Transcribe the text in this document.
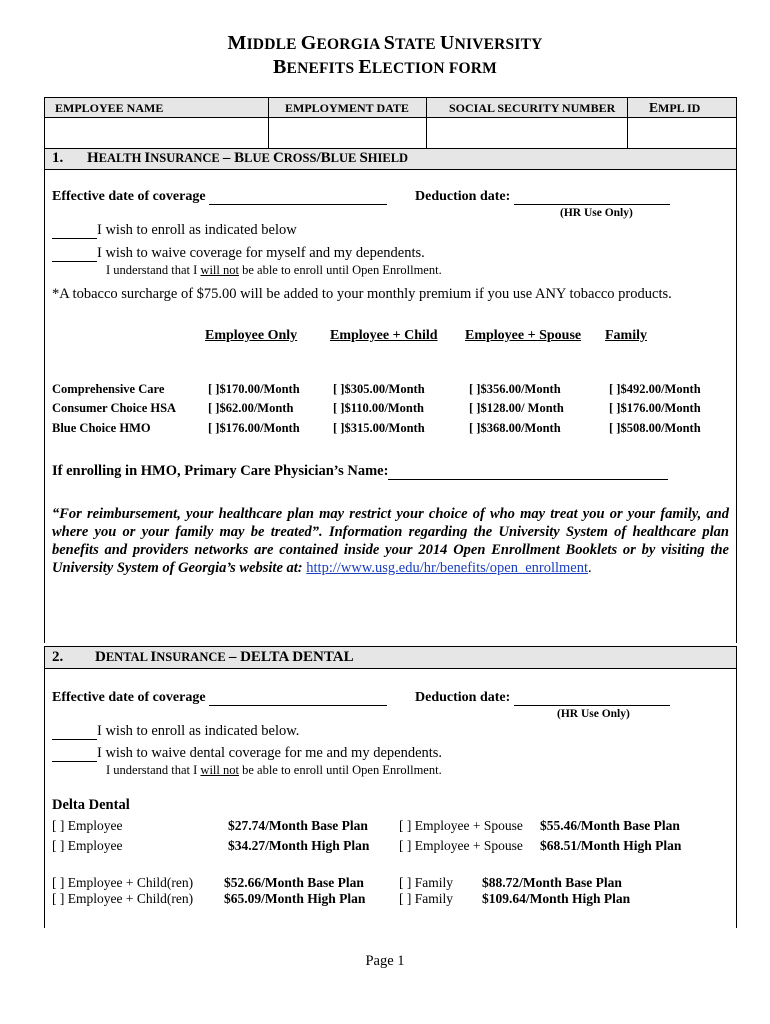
MIDDLE GEORGIA STATE UNIVERSITY
BENEFITS ELECTION FORM
EMPLOYEE NAME	EMPLOYMENT DATE	SOCIAL SECURITY NUMBER EMPL ID
1. HEALTH INSURANCE – BLUE CROSS/BLUE SHIELD
Effective date of coverage	Deduction date:
(HR Use Only)
I wish to enroll as indicated below
I wish to waive coverage for myself and my dependents.
I understand that I will not be able to enroll until Open Enrollment.
*A tobacco surcharge of $75.00 will be added to your monthly premium if you use ANY tobacco products.
Employee Only Employee + Child Employee + Spouse Family
Comprehensive Care	[ ]$170.00/Month	[ ]$305.00/Month	[ ]$356.00/Month	[ ]$492.00/Month
Consumer Choice HSA	[ ]$62.00/Month	[ ]$110.00/Month	[ ]$128.00/ Month	[ ]$176.00/Month
Blue Choice HMO	[ ]$176.00/Month	[ ]$315.00/Month	[ ]$368.00/Month	[ ]$508.00/Month
If enrolling in HMO, Primary Care Physician’s Name:
“For reimbursement, your healthcare plan may restrict your choice of who may treat you or your family, and where you or your family may be treated”. Information regarding the University System of healthcare plan benefits and providers networks are contained inside your 2014 Open Enrollment Booklets or by visiting the University System of Georgia’s website at: http://www.usg.edu/hr/benefits/open_enrollment.
2. DENTAL INSURANCE – DELTA DENTAL
Effective date of coverage	Deduction date:
(HR Use Only)
I wish to enroll as indicated below.
I wish to waive dental coverage for me and my dependents.
I understand that I will not be able to enroll until Open Enrollment.
Delta Dental
[ ] Employee	$27.74/Month Base Plan [ ] Employee + Spouse $55.46/Month Base Plan
[ ] Employee	$34.27/Month High Plan [ ] Employee + Spouse $68.51/Month High Plan
[ ] Employee + Child(ren) $52.66/Month Base Plan	[ ] Family $88.72/Month Base Plan
[ ] Employee + Child(ren) $65.09/Month High Plan [ ] Family $109.64/Month High Plan
Page 1
